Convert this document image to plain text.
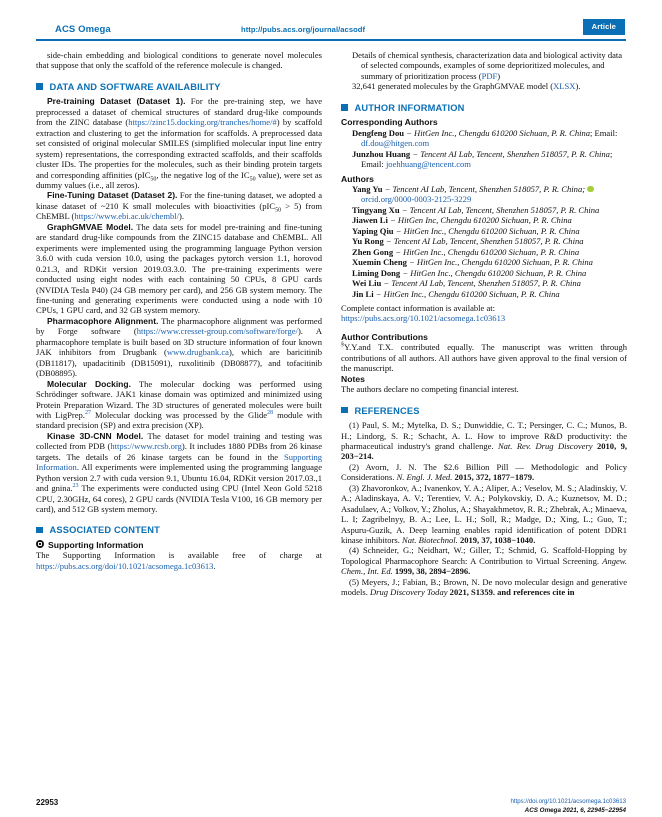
ACS Omega	http://pubs.acs.org/journal/acsodf	Article

side-chain embedding and biological conditions to generate novel molecules that suppose that only the scaffold of the reference molecule is changed.

DATA AND SOFTWARE AVAILABILITY

Pre-training Dataset (Dataset 1). For the pre-training step, we have preprocessed a dataset of chemical structures of standard drug-like compounds from the ZINC database (https://zinc15.docking.org/tranches/home/#) by scaffold extraction and clustering to get the information for scaffolds. A preprocessed data set consisted of original molecular SMILES (simplified molecular input line entry system) representations, the corresponding extracted scaffolds, and their scaffolds cluster IDs. The properties for the molecules, such as their binding protein targets and corresponding affinities (pIC$_{50}$, the negative log of the $IC_{50}$ value), were set as dummy values (i.e., all zeros).

Fine-Tuning Dataset (Dataset 2). For the fine-tuning dataset, we adopted a kinase dataset of ~210 K small molecules with bioactivities (pIC$_{50}$ > 5) from ChEMBL (https://www.ebi.ac.uk/chembl/).

GraphGMVAE Model. The data sets for model pre-training and fine-tuning are standard drug-like compounds from the ZINC15 database and ChEMBL. All experiments were implemented using the programming language Python version 3.6.0 with cuda version 10.0, using the packages pytorch version 1.1, horovod 0.21.3, and RDKit version 2019.03.3.0. The pre-training experiments were conducted using eight nodes with each containing 50 CPUs, 8 GPU cards (NVIDIA Tesla P40) (24 GB memory per card), and 256 GB system memory. The fine-tuning and generating experiments were conducted using a node with 10 CPUs, 1 GPU card, and 32 GB system memory.

Pharmacophore Alignment. The pharmacophore alignment was performed by Forge software (https://www.cresset-group.com/software/forge/). A pharmacophore template is built based on 3D structure information of four known JAK inhibitors from Drugbank (www.drugbank.ca), which are baricitinib (DB11817), upadacitinib (DB15091), ruxolitinib (DB08877), and tofacitinib (DB08895).

Molecular Docking. The molecular docking was performed using Schrödinger software. JAK1 kinase domain was optimized and minimized using Protein Preparation Wizard. The 3D structures of generated molecules were built with LigPrep.$^{27}$ Molecular docking was processed by the Glide$^{28}$ module with standard precision (SP) and extra precision (XP).

Kinase 3D-CNN Model. The dataset for model training and testing was collected from PDB (https://www.rcsb.org). It includes 1880 PDBs from 26 kinase targets. The details of 26 kinase targets can be found in the Supporting Information. All experiments were implemented using the programming language Python version 2.7 with cuda version 9.1, Ubuntu 16.04, RDKit version 2017.03.,1 and gnina.$^{23}$ The experiments were conducted using CPU (Intel Xeon Gold 5218 CPU, 2.30GHz, 64 cores), 2 GPU cards (NVIDIA Tesla V100, 16 GB memory per card), and 512 GB system memory.

ASSOCIATED CONTENT

Supporting Information

The Supporting Information is available free of charge at https://pubs.acs.org/doi/10.1021/acsomega.1c03613.

Details of chemical synthesis, characterization data and biological activity data of selected compounds, examples of some deprioritized molecules, and summary of prioritization process (PDF)

32,641 generated molecules by the GraphGMVAE model (XLSX).

AUTHOR INFORMATION

Corresponding Authors

Dengfeng Dou − HitGen Inc., Chengdu 610200 Sichuan, P. R. China; Email: df.dou@hitgen.com

Junzhou Huang − Tencent AI Lab, Tencent, Shenzhen 518057, P. R. China; Email: joehhuang@tencent.com

Authors

Yang Yu − Tencent AI Lab, Tencent, Shenzhen 518057, P. R. China; orcid.org/0000-0003-2125-3229

Tingyang Xu − Tencent AI Lab, Tencent, Shenzhen 518057, P. R. China

Jiawen Li − HitGen Inc, Chengdu 610200 Sichuan, P. R. China

Yaping Qiu − HitGen Inc., Chengdu 610200 Sichuan, P. R. China

Yu Rong − Tencent AI Lab, Tencent, Shenzhen 518057, P. R. China

Zhen Gong − HitGen Inc., Chengdu 610200 Sichuan, P. R. China

Xuemin Cheng − HitGen Inc., Chengdu 610200 Sichuan, P. R. China

Liming Dong − HitGen Inc., Chengdu 610200 Sichuan, P. R. China

Wei Liu − Tencent AI Lab, Tencent, Shenzhen 518057, P. R. China

Jin Li − HitGen Inc., Chengdu 610200 Sichuan, P. R. China

Complete contact information is available at:

https://pubs.acs.org/10.1021/acsomega.1c03613

Author Contributions

§Y.Y.and T.X. contributed equally. The manuscript was written through contributions of all authors. All authors have given approval to the final version of the manuscript.

Notes

The authors declare no competing financial interest.

REFERENCES

(1) Paul, S. M.; Mytelka, D. S.; Dunwiddie, C. T.; Persinger, C. C.; Munos, B. H.; Lindorg, S. R.; Schacht, A. L. How to improve R&D productivity: the pharmaceutical industry's grand challenge. Nat. Rev. Drug Discovery 2010, 9, 203−214.

(2) Avorn, J. N. The $2.6 Billion Pill — Methodologic and Policy Considerations. N. Engl. J. Med. 2015, 372, 1877−1879.

(3) Zhavoronkov, A.; Ivanenkov, Y. A.; Aliper, A.; Veselov, M. S.; Aladinskiy, V. A.; Aladinskaya, A. V.; Terentiev, V. A.; Polykovskiy, D. A.; Kuznetsov, M. D.; Asadulaev, A.; Volkov, Y.; Zholus, A.; Shayakhmetov, R. R.; Zhebrak, A.; Minaeva, L. I; Zagribelnyy, B. A.; Lee, L. H.; Soll, R.; Madge, D.; Xing, L.; Guo, T.; Aspuru-Guzik, A. Deep learning enables rapid identification of potent DDR1 kinase inhibitors. Nat. Biotechnol. 2019, 37, 1038−1040.

(4) Schneider, G.; Neidhart, W.; Giller, T.; Schmid, G. Scaffold-Hopping by Topological Pharmacophore Search: A Contribution to Virtual Screening. Angew. Chem., Int. Ed. 1999, 38, 2894−2896.

(5) Meyers, J.; Fabian, B.; Brown, N. De novo molecular design and generative models. Drug Discovery Today 2021, S1359. and references cite in

22953	https://doi.org/10.1021/acsomega.1c03613
ACS Omega 2021, 6, 22945−22954
